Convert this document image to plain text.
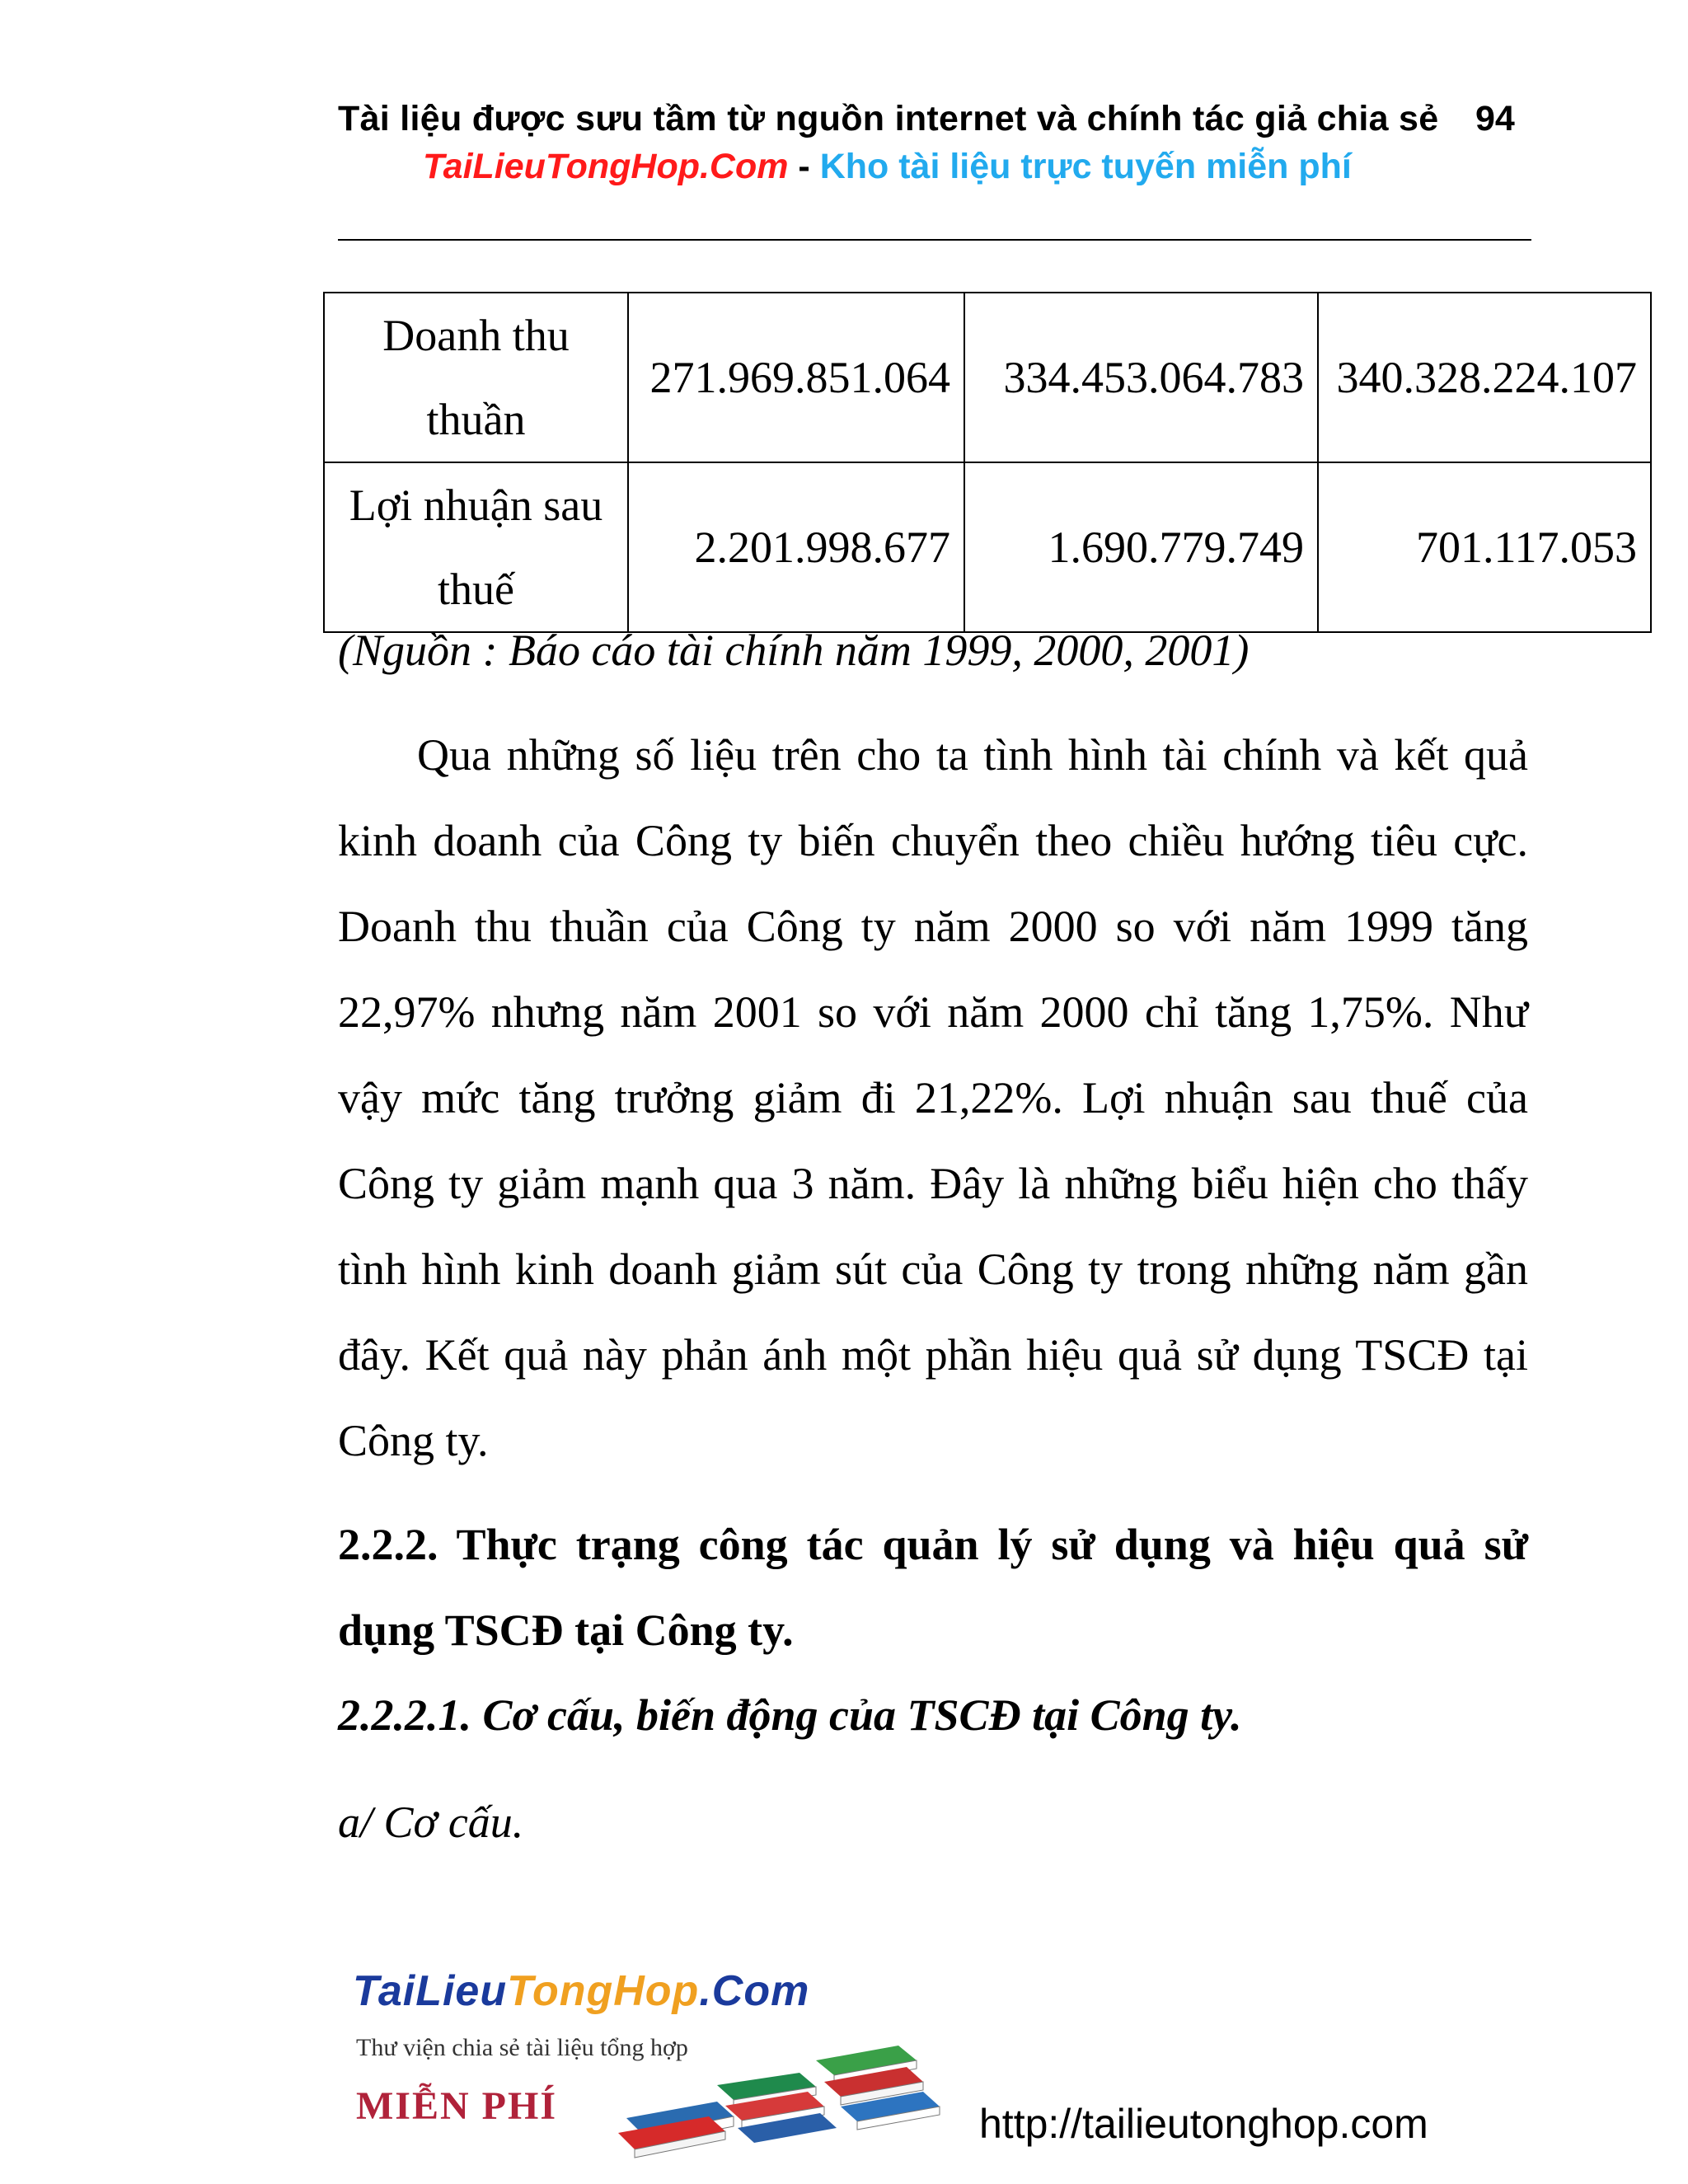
Tài liệu được sưu tầm từ nguồn internet và chính tác giả chia sẻ	94
TaiLieuTongHop.Com - Kho tài liệu trực tuyến miễn phí
Doanh thu thuần	271.969.851.064	334.453.064.783	340.328.224.107
Lợi nhuận sau thuế	2.201.998.677	1.690.779.749	701.117.053
(Nguồn : Báo cáo tài chính năm 1999, 2000, 2001)

Qua những số liệu trên cho ta tình hình tài chính và kết quả kinh doanh của Công ty biến chuyển theo chiều hướng tiêu cực. Doanh thu thuần của Công ty năm 2000 so với năm 1999 tăng 22,97% nhưng năm 2001 so với năm 2000 chỉ tăng 1,75%. Như vậy mức tăng trưởng giảm đi 21,22%. Lợi nhuận sau thuế của Công ty giảm mạnh qua 3 năm. Đây là những biểu hiện cho thấy tình hình kinh doanh giảm sút của Công ty trong những năm gần đây. Kết quả này phản ánh một phần hiệu quả sử dụng TSCĐ tại Công ty.

2.2.2. Thực trạng công tác quản lý sử dụng và hiệu quả sử dụng TSCĐ tại Công ty.

2.2.2.1. Cơ cấu, biến động của TSCĐ tại Công ty.
a/ Cơ cấu.
TaiLieuTongHop.Com
Thư viện chia sẻ tài liệu tổng hợp
MIỄN PHÍ	http://tailieutonghop.com
